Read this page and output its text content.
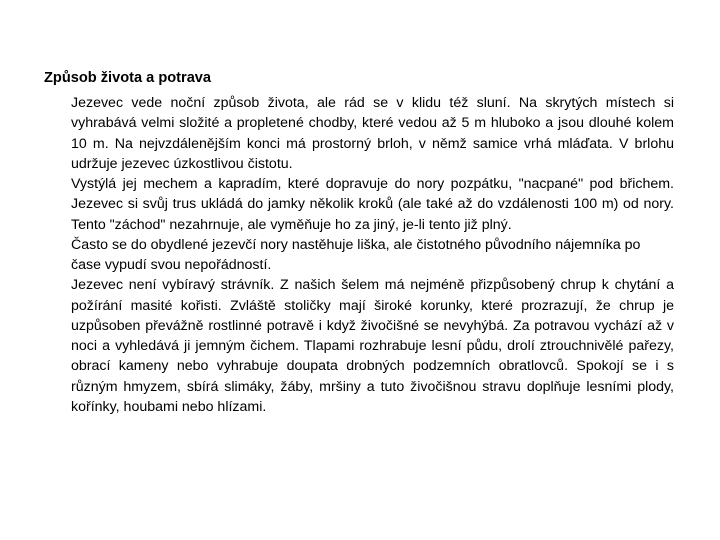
Způsob života a potrava

Jezevec vede noční způsob života, ale rád se v klidu též sluní. Na skrytých místech si vyhrabává velmi složité a propletené chodby, které vedou až 5 m hluboko a jsou dlouhé kolem 10 m. Na nejvzdálenějším konci má prostorný brloh, v němž samice vrhá mláďata. V brlohu udržuje jezevec úzkostlivou čistotu.

Vystýlá jej mechem a kapradím, které dopravuje do nory pozpátku, "nacpané" pod břichem. Jezevec si svůj trus ukládá do jamky několik kroků (ale také až do vzdálenosti 100 m) od nory. Tento "záchod" nezahrnuje, ale vyměňuje ho za jiný, je-li tento již plný.

Často se do obydlené jezevčí nory nastěhuje liška, ale čistotného původního nájemníka po čase vypudí svou nepořádností.

Jezevec není vybíravý strávník. Z našich šelem má nejméně přizpůsobený chrup k chytání a požírání masité kořisti. Zvláště stoličky mají široké korunky, které prozrazují, že chrup je uzpůsoben převážně rostlinné potravě i když živočišné se nevyhýbá. Za potravou vychází až v noci a vyhledává ji jemným čichem. Tlapami rozhrabuje lesní půdu, drolí ztrouchnivělé pařezy, obrací kameny nebo vyhrabuje doupata drobných podzemních obratlovců. Spokojí se i s různým hmyzem, sbírá slimáky, žáby, mršiny a tuto živočišnou stravu doplňuje lesními plody, kořínky, houbami nebo hlízami.
